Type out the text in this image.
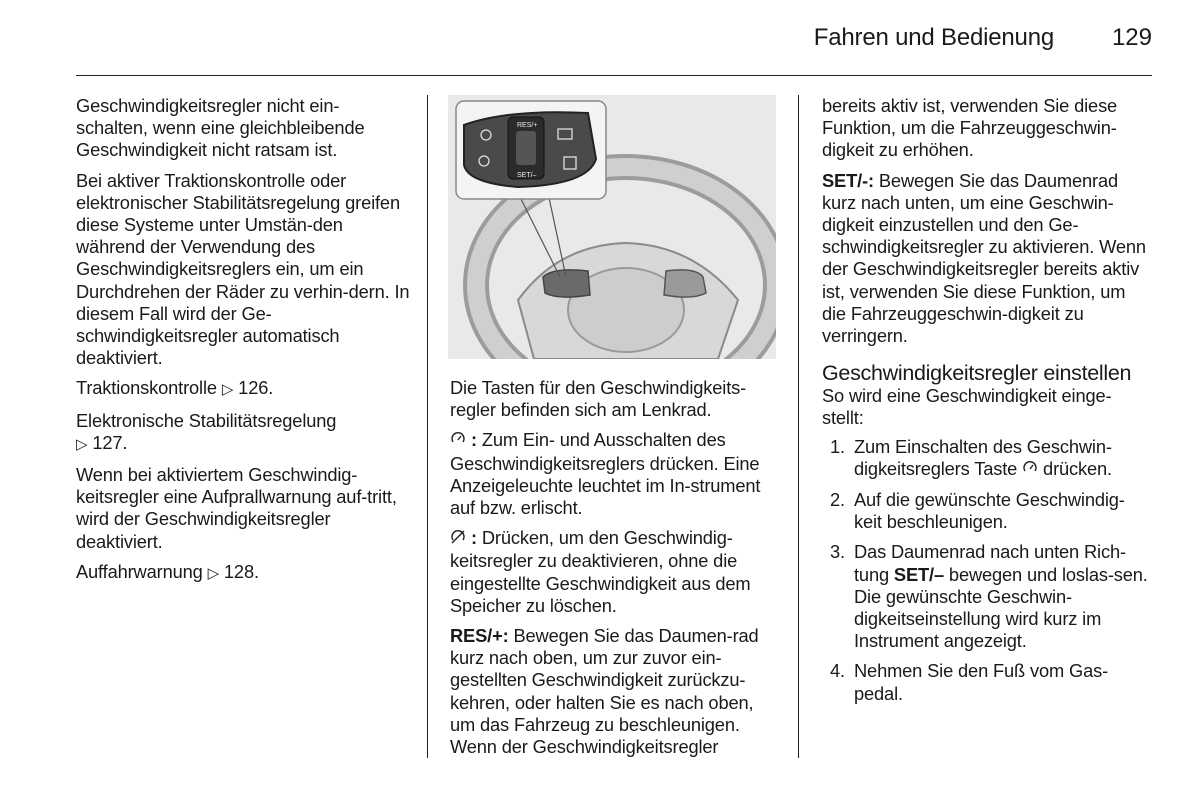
Fahren und Bedienung 129

Geschwindigkeitsregler nicht ein-schalten, wenn eine gleichbleibende Geschwindigkeit nicht ratsam ist.

Bei aktiver Traktionskontrolle oder elektronischer Stabilitätsregelung greifen diese Systeme unter Umstän-den während der Verwendung des Geschwindigkeitsreglers ein, um ein Durchdrehen der Räder zu verhin-dern. In diesem Fall wird der Ge-schwindigkeitsregler automatisch deaktiviert.

Traktionskontrolle ▷ 126.

Elektronische Stabilitätsregelung
▷ 127.

Wenn bei aktiviertem Geschwindig-keitsregler eine Aufprallwarnung auf-tritt, wird der Geschwindigkeitsregler deaktiviert.

Auffahrwarnung ▷ 128.

RES/+
SET/–

Die Tasten für den Geschwindigkeits-regler befinden sich am Lenkrad.

: Zum Ein- und Ausschalten des Geschwindigkeitsreglers drücken. Eine Anzeigeleuchte leuchtet im In-strument auf bzw. erlischt.

: Drücken, um den Geschwindig-keitsregler zu deaktivieren, ohne die eingestellte Geschwindigkeit aus dem Speicher zu löschen.

RES/+: Bewegen Sie das Daumen-rad kurz nach oben, um zur zuvor ein-gestellten Geschwindigkeit zurückzu-kehren, oder halten Sie es nach oben, um das Fahrzeug zu beschleunigen. Wenn der Geschwindigkeitsregler

bereits aktiv ist, verwenden Sie diese Funktion, um die Fahrzeuggeschwin-digkeit zu erhöhen.

SET/-: Bewegen Sie das Daumenrad kurz nach unten, um eine Geschwin-digkeit einzustellen und den Ge-schwindigkeitsregler zu aktivieren. Wenn der Geschwindigkeitsregler bereits aktiv ist, verwenden Sie diese Funktion, um die Fahrzeuggeschwin-digkeit zu verringern.

Geschwindigkeitsregler einstellen

So wird eine Geschwindigkeit einge-stellt:

1. Zum Einschalten des Geschwin-digkeitsreglers Taste drücken.
2. Auf die gewünschte Geschwindig-keit beschleunigen.
3. Das Daumenrad nach unten Rich-tung SET/– bewegen und loslas-sen. Die gewünschte Geschwin-digkeitseinstellung wird kurz im Instrument angezeigt.
4. Nehmen Sie den Fuß vom Gas-pedal.
